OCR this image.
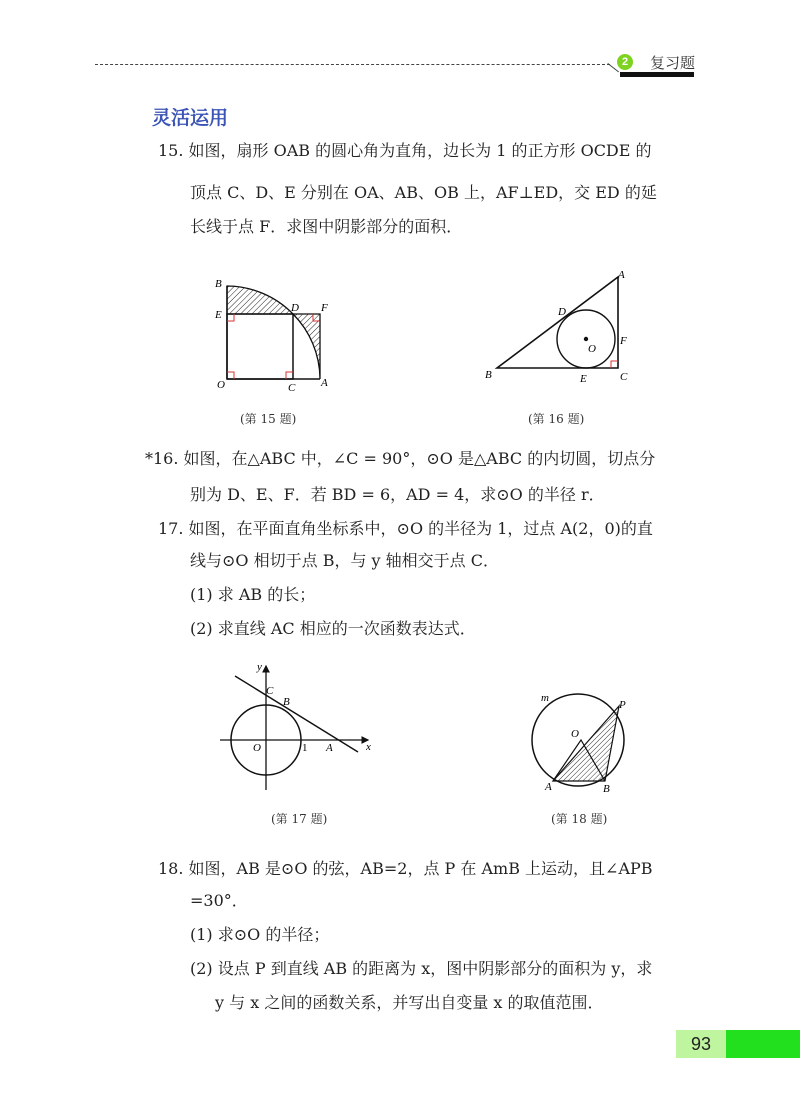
2	复习题
灵活运用
15. 如图，扇形 OAB 的圆心角为直角，边长为 1 的正方形 OCDE 的
顶点 C、D、E 分别在 OA、AB、OB 上，AF⊥ED，交 ED 的延
长线于点 F．求图中阴影部分的面积．
B
E
D F
O	C A
(第 15 题)
A
D
O
F
B	E	C
(第 16 题)
*16. 如图，在△ABC 中，∠C = 90°，⊙O 是△ABC 的内切圆，切点分
别为 D、E、F．若 BD = 6，AD = 4，求⊙O 的半径 r．
17. 如图，在平面直角坐标系中，⊙O 的半径为 1，过点 A(2，0)的直
线与⊙O 相切于点 B，与 y 轴相交于点 C．
(1) 求 AB 的长；
(2) 求直线 AC 相应的一次函数表达式．
y
C
B
O	1 A	x
(第 17 题)
m
P
O
A	B
(第 18 题)
18. 如图，AB 是⊙O 的弦，AB=2，点 P 在 AmB 上运动，且∠APB
=30°．
(1) 求⊙O 的半径；
(2) 设点 P 到直线 AB 的距离为 x，图中阴影部分的面积为 y，求
y 与 x 之间的函数关系，并写出自变量 x 的取值范围．
93
